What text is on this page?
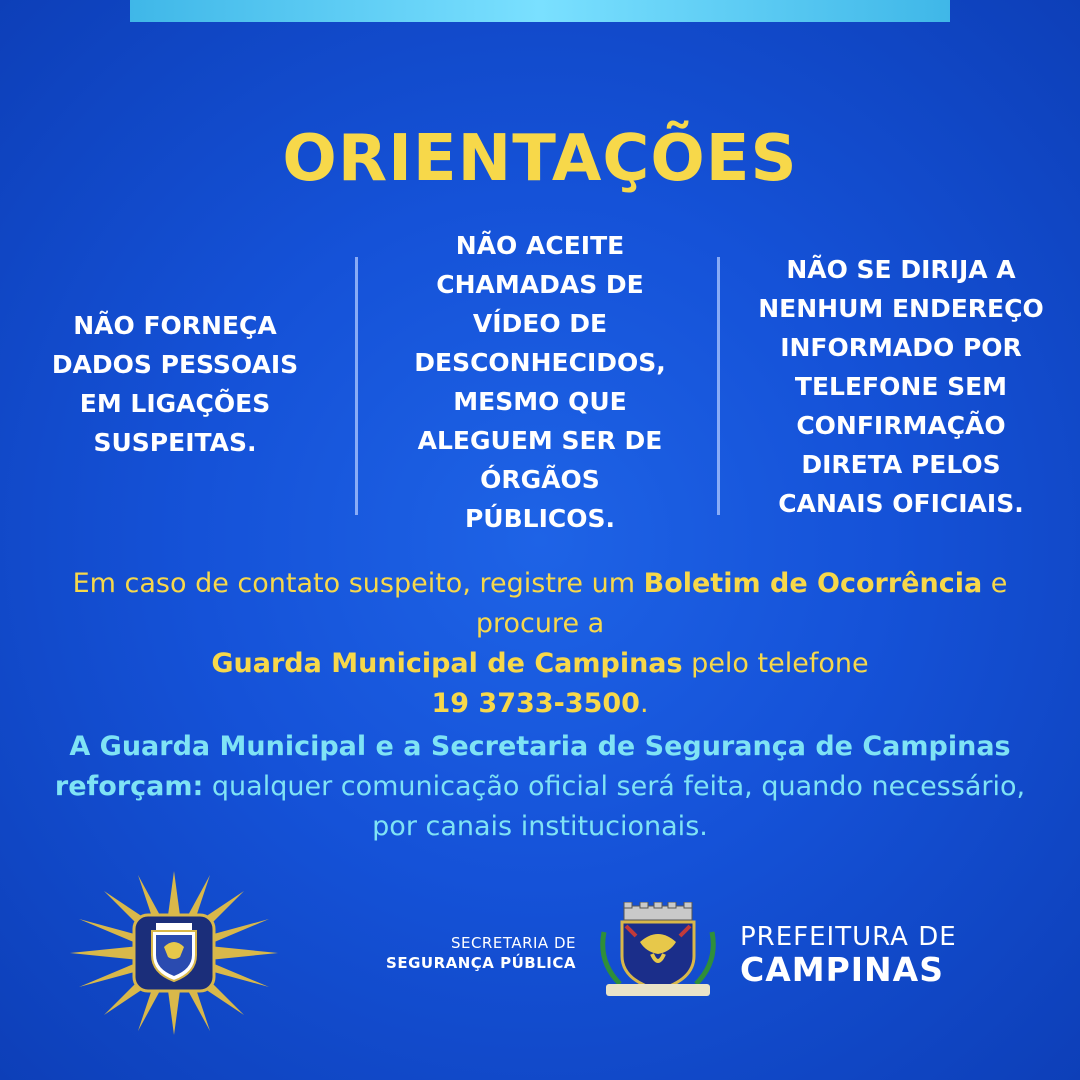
ORIENTAÇÕES
NÃO FORNEÇA
DADOS PESSOAIS
EM LIGAÇÕES
SUSPEITAS.
NÃO ACEITE
CHAMADAS DE
VÍDEO DE
DESCONHECIDOS,
MESMO QUE
ALEGUEM SER DE
ÓRGÃOS
PÚBLICOS.
NÃO SE DIRIJA A
NENHUM ENDEREÇO
INFORMADO POR
TELEFONE SEM
CONFIRMAÇÃO
DIRETA PELOS
CANAIS OFICIAIS.
Em caso de contato suspeito, registre um Boletim de Ocorrência e procure a
Guarda Municipal de Campinas pelo telefone
19 3733-3500.
A Guarda Municipal e a Secretaria de Segurança de Campinas reforçam: qualquer comunicação oficial será feita, quando necessário, por canais institucionais.
SECRETARIA DE
SEGURANÇA PÚBLICA
PREFEITURA DE
CAMPINAS
